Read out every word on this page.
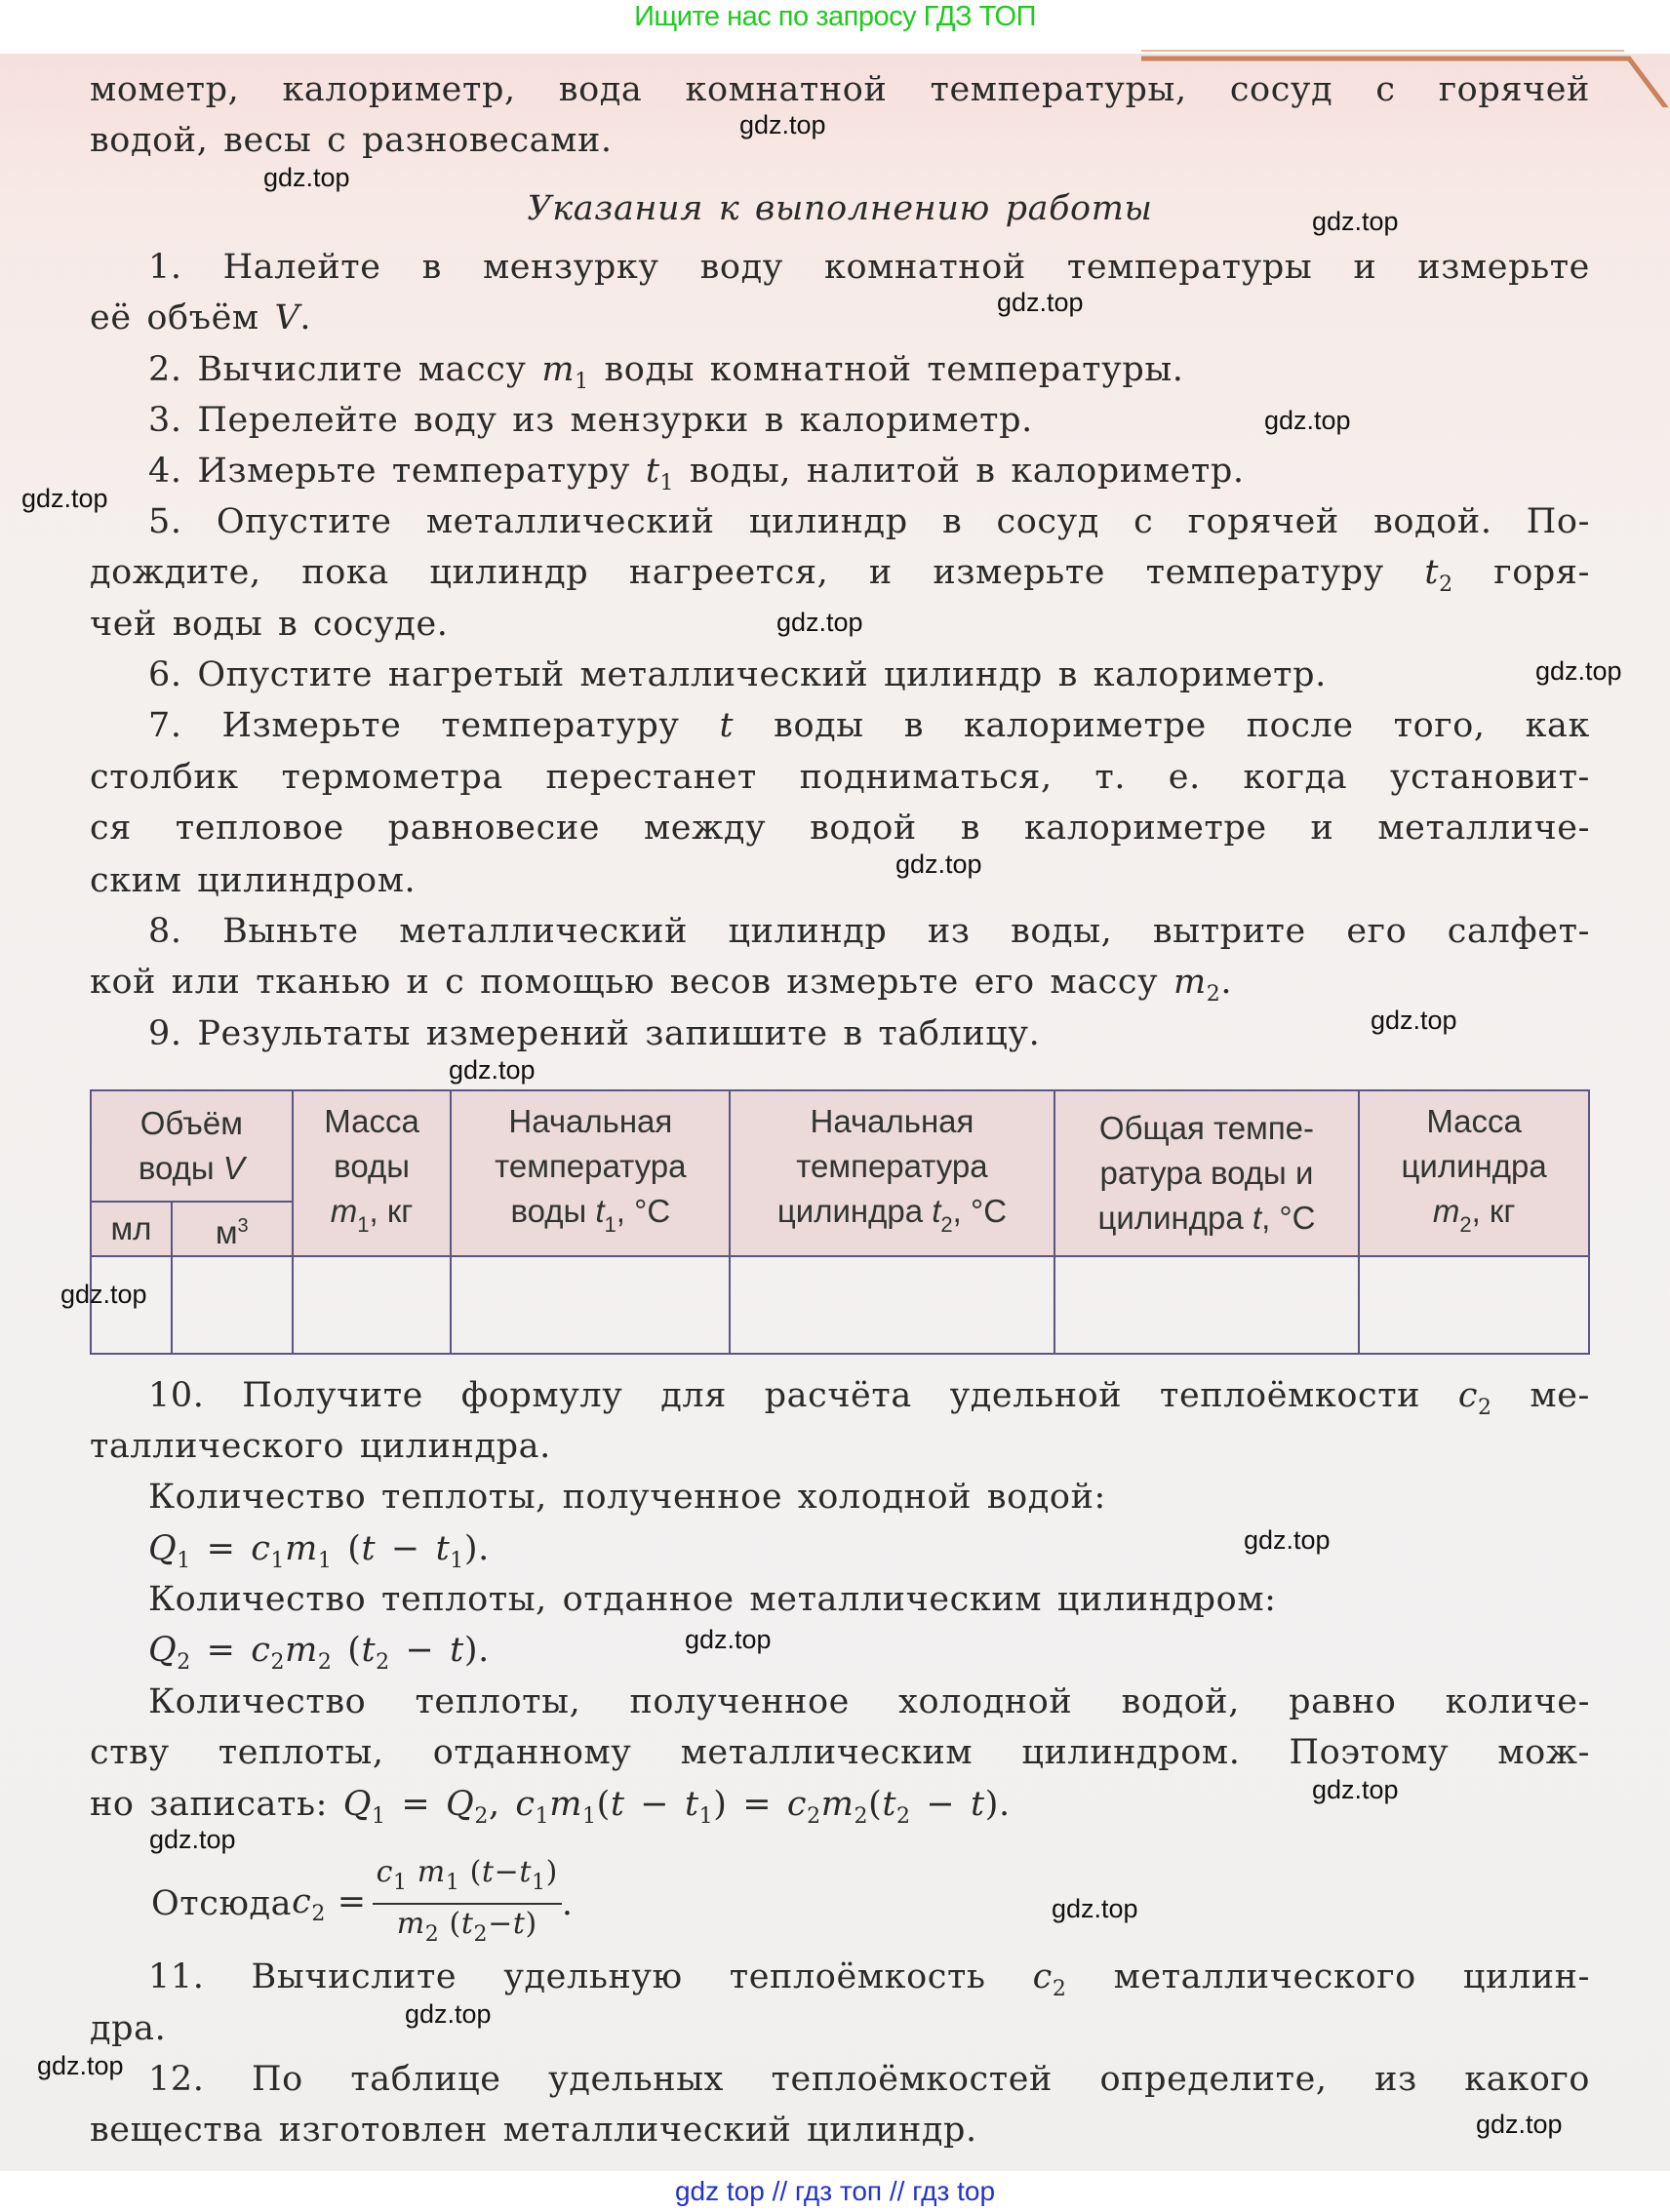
Ищите нас по запросу ГДЗ ТОП
мометр, калориметр, вода комнатной температуры, сосуд с горячей
водой, весы с разновесами.
1. Налейте в мензурку воду комнатной температуры и измерьте
её объём V.
2. Вычислите массу $m_1$ воды комнатной температуры.
3. Перелейте воду из мензурки в калориметр.
4. Измерьте температуру $t_1$ воды, налитой в калориметр.
5. Опустите металлический цилиндр в сосуд с горячей водой. По-
дождите, пока цилиндр нагреется, и измерьте температуру $t_2$ горя-
чей воды в сосуде.
6. Опустите нагретый металлический цилиндр в калориметр.
7. Измерьте температуру t воды в калориметре после того, как
столбик термометра перестанет подниматься, т. е. когда установит-
ся тепловое равновесие между водой в калориметре и металличе-
ским цилиндром.
8. Выньте металлический цилиндр из воды, вытрите его салфет-
кой или тканью и с помощью весов измерьте его массу $m_2$.
9. Результаты измерений запишите в таблицу.
10. Получите формулу для расчёта удельной теплоёмкости $c_2$ ме-
таллического цилиндра.
Количество теплоты, полученное холодной водой:
$Q_1 = c_1m_1$ $(t - t_1)$.
Количество теплоты, отданное металлическим цилиндром:
$Q_2 = c_2m_2$ $(t_2 - t)$.
Количество теплоты, полученное холодной водой, равно количе-
ству теплоты, отданному металлическим цилиндром. Поэтому мож-
но записать: $Q_1 = Q_2$, $c_1m_1(t - t_1) = c_2m_2(t_2 - t)$.
11. Вычислите удельную теплоёмкость $c_2$ металлического цилин-
дра.
12. По таблице удельных теплоёмкостей определите, из какого
вещества изготовлен металлический цилиндр.
Указания к выполнению работы
Отсюда $c_2 = \frac{c_1 m_1 (t-t_1)}{m_2 (t_2-t)}$ .
Объём
воды V		Масса
воды
$m_1$, кг	Начальная
температура
воды $t_1$, °C	Начальная
температура
цилиндра $t_2$, °C	Общая темпе-
ратура воды и
цилиндра t, °C	Масса
цилиндра
$m_2$, кг
мл	$м^3$

gdz.top
gdz.top
gdz.top
gdz.top
gdz.top
gdz.top
gdz.top
gdz.top
gdz.top
gdz.top
gdz.top
gdz.top
gdz.top
gdz.top
gdz.top
gdz.top
gdz.top
gdz.top
gdz.top
gdz.top
gdz top // гдз топ // гдз top
